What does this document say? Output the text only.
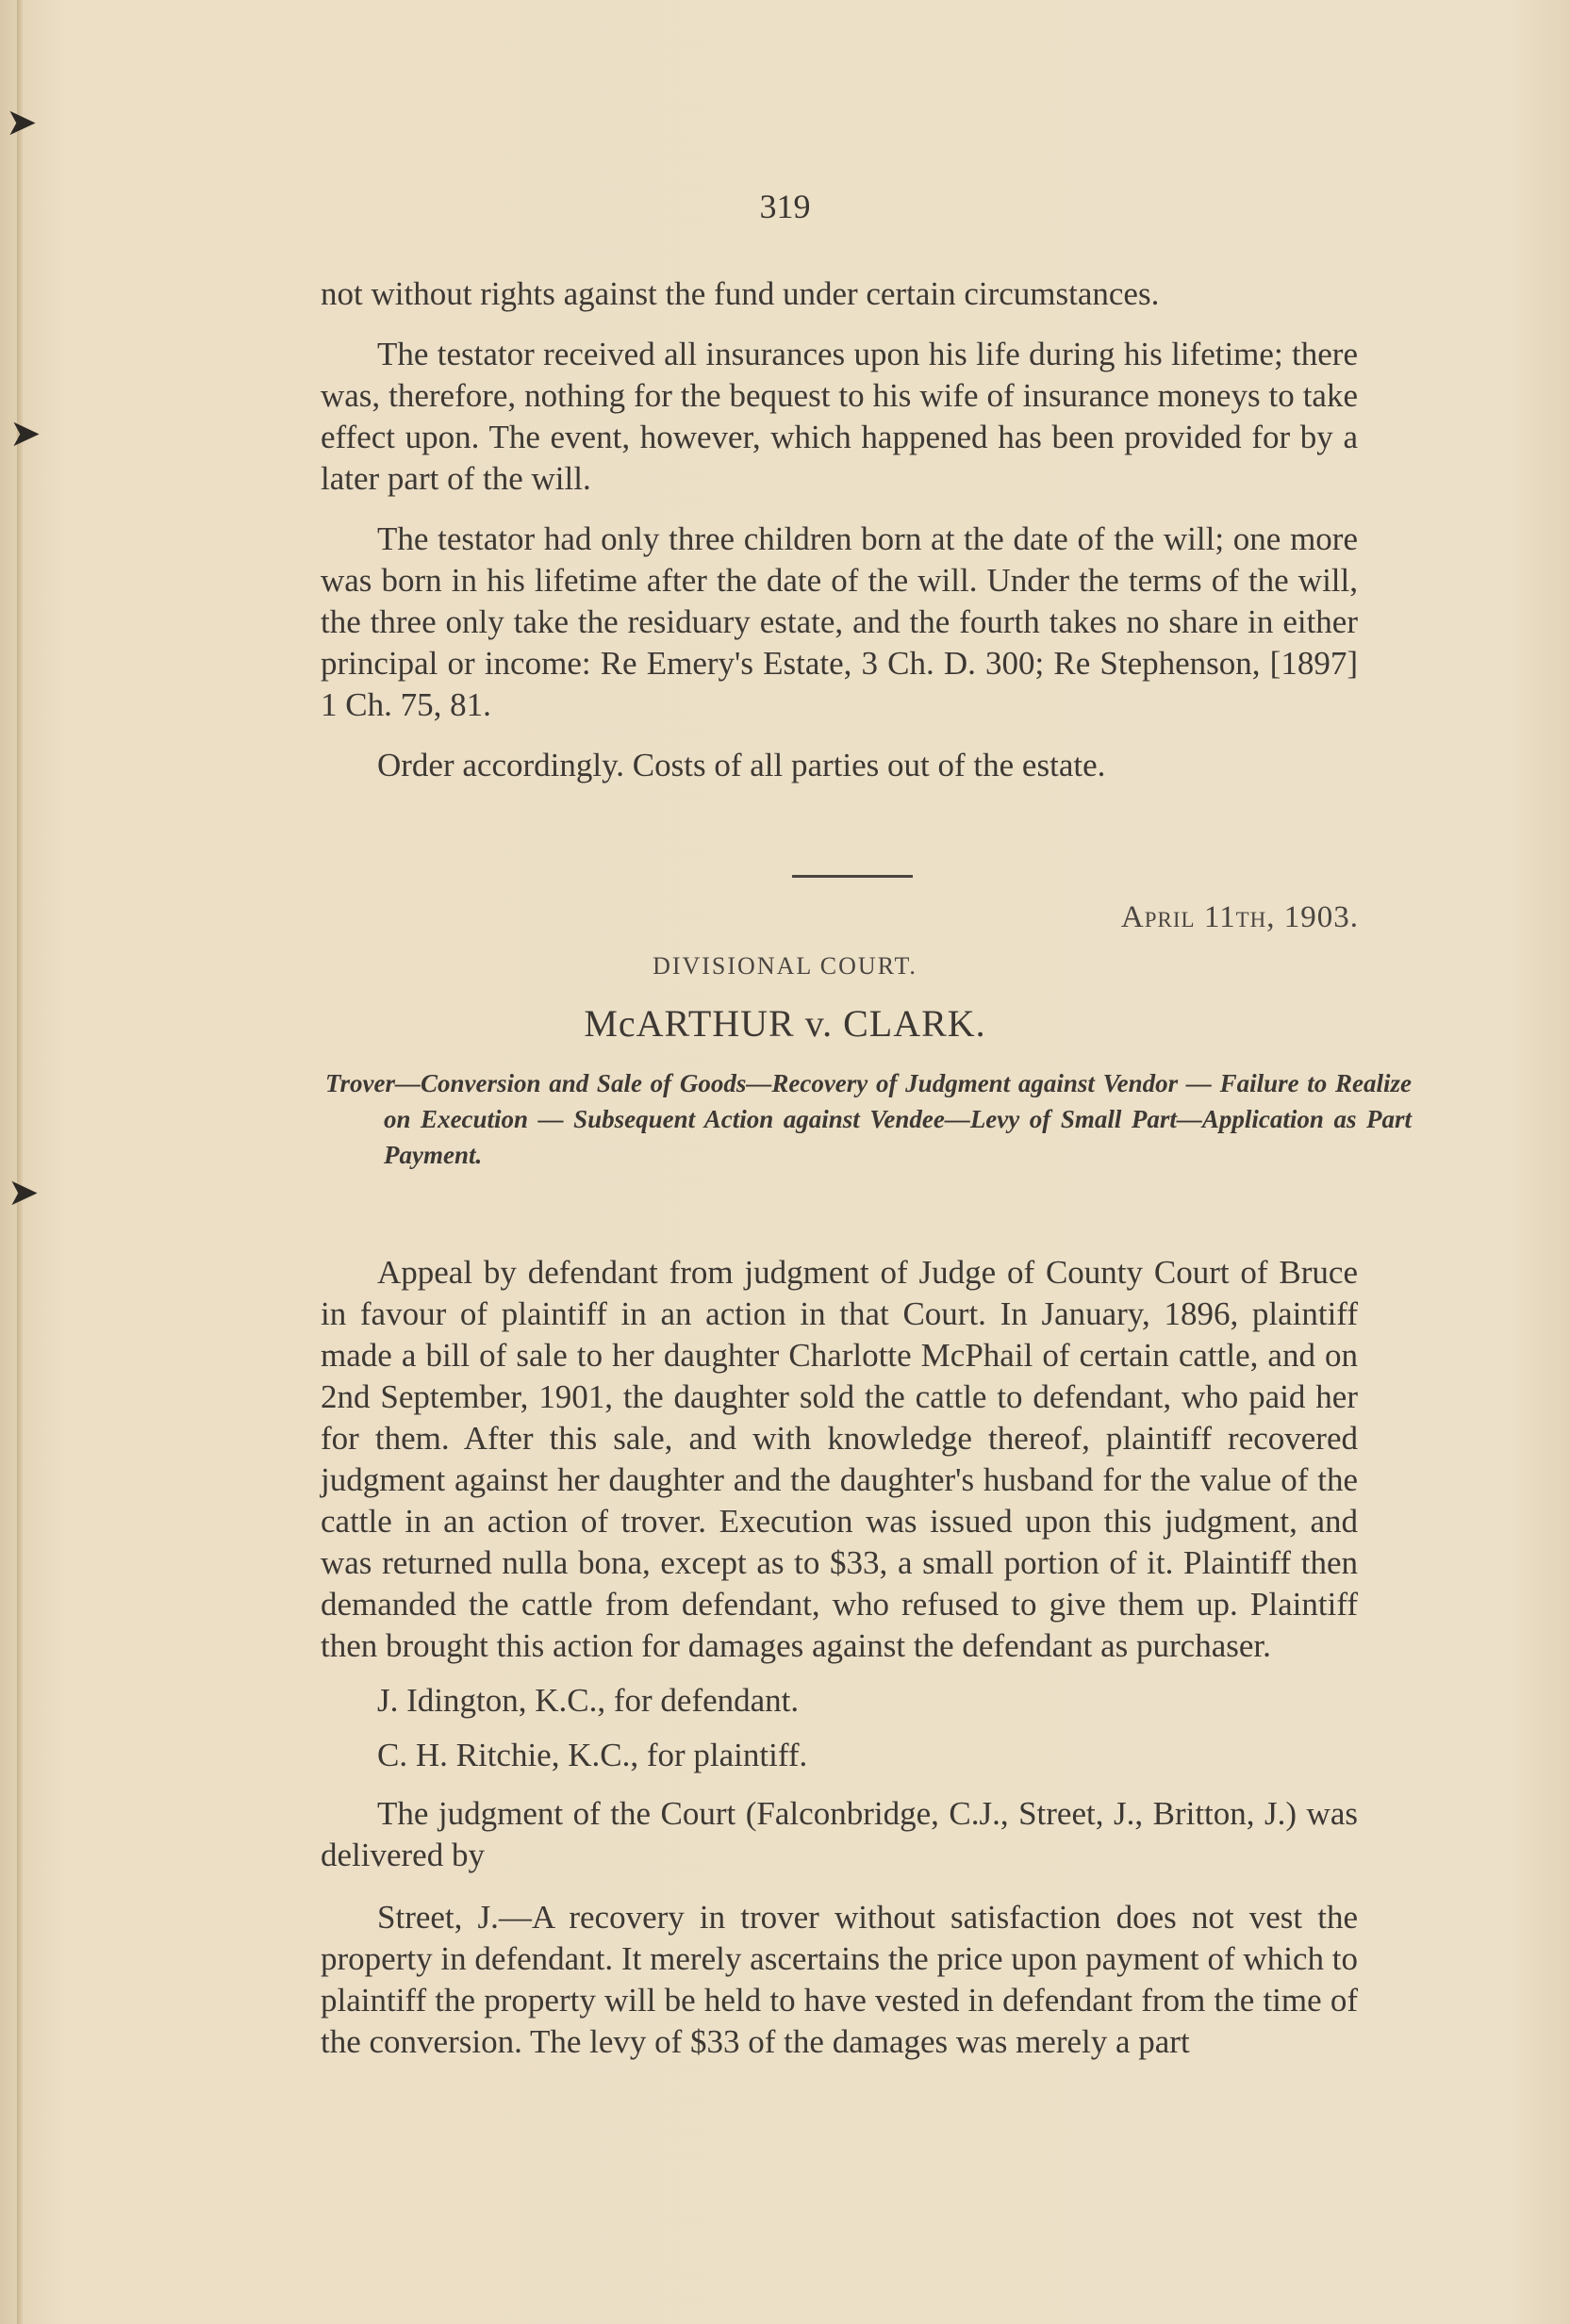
➤
➤
➤
319

not without rights against the fund under certain circumstances.

The testator received all insurances upon his life during his lifetime; there was, therefore, nothing for the bequest to his wife of insurance moneys to take effect upon. The event, however, which happened has been provided for by a later part of the will.

The testator had only three children born at the date of the will; one more was born in his lifetime after the date of the will. Under the terms of the will, the three only take the residuary estate, and the fourth takes no share in either principal or income: Re Emery's Estate, 3 Ch. D. 300; Re Stephenson, [1897] 1 Ch. 75, 81.

Order accordingly. Costs of all parties out of the estate.

April 11th, 1903.
DIVISIONAL COURT.
McARTHUR v. CLARK.
Trover—Conversion and Sale of Goods—Recovery of Judgment against Vendor — Failure to Realize on Execution — Subsequent Action against Vendee—Levy of Small Part—Application as Part Payment.

Appeal by defendant from judgment of Judge of County Court of Bruce in favour of plaintiff in an action in that Court. In January, 1896, plaintiff made a bill of sale to her daughter Charlotte McPhail of certain cattle, and on 2nd September, 1901, the daughter sold the cattle to defendant, who paid her for them. After this sale, and with knowledge thereof, plaintiff recovered judgment against her daughter and the daughter's husband for the value of the cattle in an action of trover. Execution was issued upon this judgment, and was returned nulla bona, except as to $33, a small portion of it. Plaintiff then demanded the cattle from defendant, who refused to give them up. Plaintiff then brought this action for damages against the defendant as purchaser.

J. Idington, K.C., for defendant.

C. H. Ritchie, K.C., for plaintiff.

The judgment of the Court (Falconbridge, C.J., Street, J., Britton, J.) was delivered by

Street, J.—A recovery in trover without satisfaction does not vest the property in defendant. It merely ascertains the price upon payment of which to plaintiff the property will be held to have vested in defendant from the time of the conversion. The levy of $33 of the damages was merely a part
